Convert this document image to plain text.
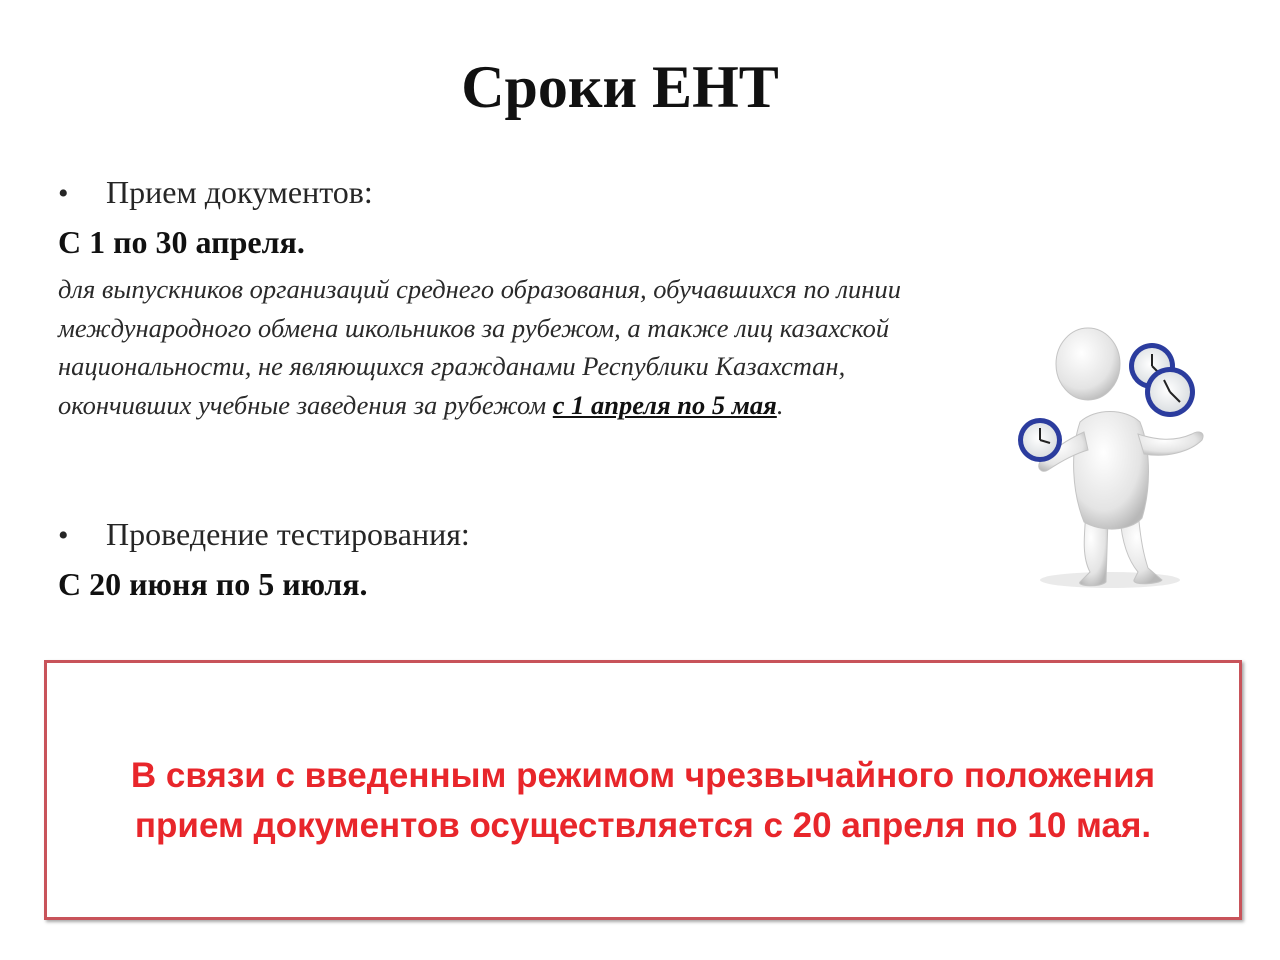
Сроки ЕНТ
• Прием документов:
С 1 по 30 апреля.
для выпускников организаций среднего образования, обучавшихся по линии международного обмена школьников за рубежом, а также лиц казахской национальности, не являющихся гражданами Республики Казахстан, окончивших учебные заведения за рубежом с 1 апреля по 5 мая.
• Проведение тестирования:
С 20 июня по 5 июля.
В связи с введенным режимом чрезвычайного положения
прием документов осуществляется с 20 апреля по 10 мая.
